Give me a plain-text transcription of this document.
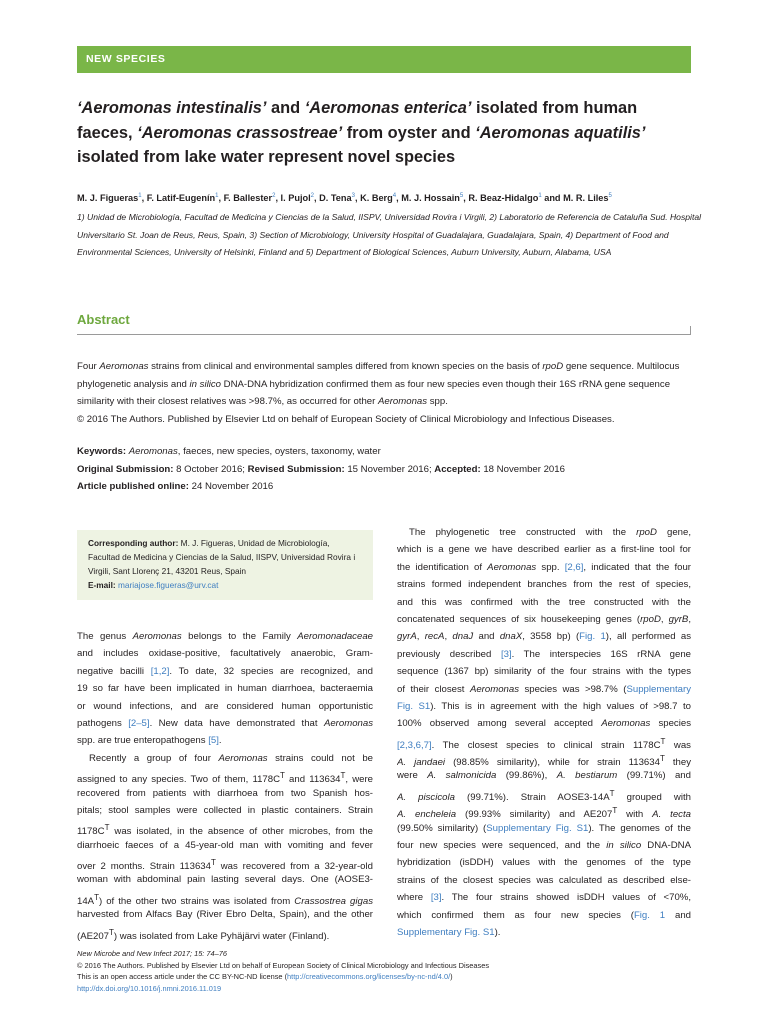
NEW SPECIES
‘Aeromonas intestinalis’ and ‘Aeromonas enterica’ isolated from human
faeces, ‘Aeromonas crassostreae’ from oyster and ‘Aeromonas aquatilis’
isolated from lake water represent novel species
M. J. Figueras$^1$, F. Latif-Eugenín$^1$, F. Ballester$^2$, I. Pujol$^2$, D. Tena$^3$, K. Berg$^4$, M. J. Hossain$^5$, R. Beaz-Hidalgo$^1$ and M. R. Liles$^5$
1) Unidad de Microbiología, Facultad de Medicina y Ciencias de la Salud, IISPV, Universidad Rovira i Virgili, 2) Laboratorio de Referencia de Cataluña Sud. Hospital
Universitario St. Joan de Reus, Reus, Spain, 3) Section of Microbiology, University Hospital of Guadalajara, Guadalajara, Spain, 4) Department of Food and
Environmental Sciences, University of Helsinki, Finland and 5) Department of Biological Sciences, Auburn University, Auburn, Alabama, USA
Abstract
Four Aeromonas strains from clinical and environmental samples differed from known species on the basis of rpoD gene sequence. Multilocus
phylogenetic analysis and in silico DNA-DNA hybridization confirmed them as four new species even though their 16S rRNA gene sequence
similarity with their closest relatives was >98.7%, as occurred for other Aeromonas spp.
© 2016 The Authors. Published by Elsevier Ltd on behalf of European Society of Clinical Microbiology and Infectious Diseases.
Keywords: Aeromonas, faeces, new species, oysters, taxonomy, water
Original Submission: 8 October 2016; Revised Submission: 15 November 2016; Accepted: 18 November 2016
Article published online: 24 November 2016
Corresponding author: M. J. Figueras, Unidad de Microbiología,
Facultad de Medicina y Ciencias de la Salud, IISPV, Universidad Rovira i
Virgili, Sant Llorenç 21, 43201 Reus, Spain
E-mail: mariajose.figueras@urv.cat
The genus Aeromonas belongs to the Family Aeromonadaceae
and includes oxidase-positive, facultatively anaerobic, Gram-
negative bacilli [1,2]. To date, 32 species are recognized, and
19 so far have been implicated in human diarrhoea, bacteraemia
or wound infections, and are considered human opportunistic
pathogens [2–5]. New data have demonstrated that Aeromonas
spp. are true enteropathogens [5].
Recently a group of four Aeromonas strains could not be
assigned to any species. Two of them, $1178C^T$ and $113634^T$, were
recovered from patients with diarrhoea from two Spanish hos-
pitals; stool samples were collected in plastic containers. Strain
$1178C^T$ was isolated, in the absence of other microbes, from the
diarrhoeic faeces of a 45-year-old man with vomiting and fever
over 2 months. Strain $113634^T$ was recovered from a 32-year-old
woman with abdominal pain lasting several days. One (AOSE3-
$14A^T$) of the other two strains was isolated from Crassostrea gigas
harvested from Alfacs Bay (River Ebro Delta, Spain), and the other
$(AE207^T)$ was isolated from Lake Pyhäjärvi water (Finland).
The phylogenetic tree constructed with the rpoD gene,
which is a gene we have described earlier as a first-line tool for
the identification of Aeromonas spp. [2,6], indicated that the four
strains formed independent branches from the rest of species,
and this was confirmed with the tree constructed with the
concatenated sequences of six housekeeping genes (rpoD, gyrB,
gyrA, recA, dnaJ and dnaX, 3558 bp) (Fig. 1), all performed as
previously described [3]. The interspecies 16S rRNA gene
sequence (1367 bp) similarity of the four strains with the types
of their closest Aeromonas species was >98.7% (Supplementary
Fig. S1). This is in agreement with the high values of >98.7 to
100% observed among several accepted Aeromonas species
[2,3,6,7]. The closest species to clinical strain $1178C^T$ was
A. jandaei (98.85% similarity), while for strain $113634^T$ they
were A. salmonicida (99.86%), A. bestiarum (99.71%) and
A. piscicola (99.71%). Strain $AOSE3-14A^T$ grouped with
A. encheleia (99.93% similarity) and $AE207^T$ with A. tecta
(99.50% similarity) (Supplementary Fig. S1). The genomes of the
four new species were sequenced, and the in silico DNA-DNA
hybridization (isDDH) values with the genomes of the type
strains of the closest species was calculated as described else-
where [3]. The four strains showed isDDH values of <70%,
which confirmed them as four new species (Fig. 1 and
Supplementary Fig. S1).
New Microbe and New Infect 2017; 15: 74–76
© 2016 The Authors. Published by Elsevier Ltd on behalf of European Society of Clinical Microbiology and Infectious Diseases
This is an open access article under the CC BY-NC-ND license (http://creativecommons.org/licenses/by-nc-nd/4.0/)
http://dx.doi.org/10.1016/j.nmni.2016.11.019
